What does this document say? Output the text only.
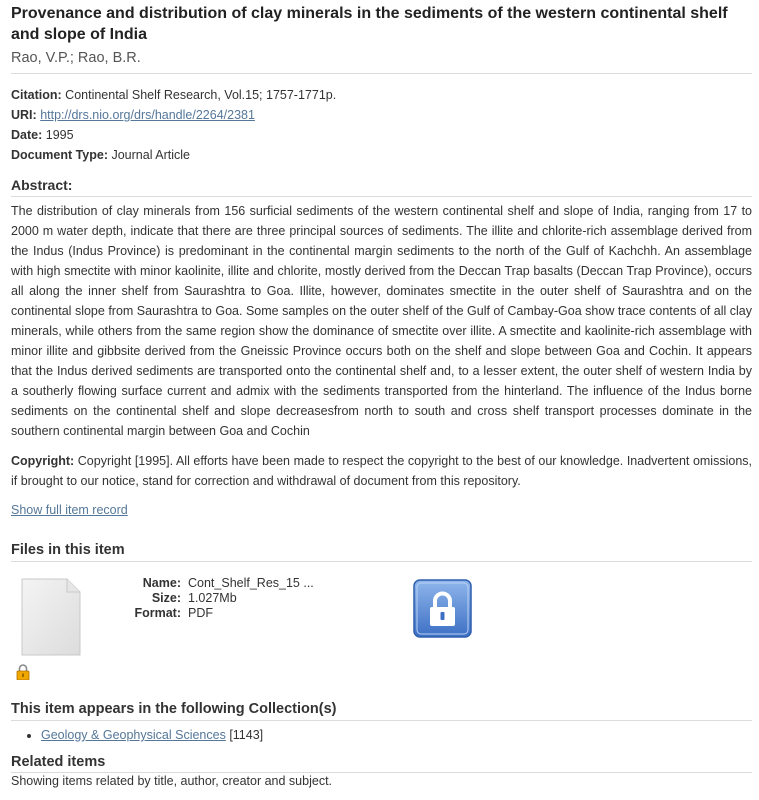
Provenance and distribution of clay minerals in the sediments of the western continental shelf and slope of India
Rao, V.P.; Rao, B.R.
Citation: Continental Shelf Research, Vol.15; 1757-1771p.
URI: http://drs.nio.org/drs/handle/2264/2381
Date: 1995
Document Type: Journal Article
Abstract:

The distribution of clay minerals from 156 surficial sediments of the western continental shelf and slope of India, ranging from 17 to 2000 m water depth, indicate that there are three principal sources of sediments. The illite and chlorite-rich assemblage derived from the Indus (Indus Province) is predominant in the continental margin sediments to the north of the Gulf of Kachchh. An assemblage with high smectite with minor kaolinite, illite and chlorite, mostly derived from the Deccan Trap basalts (Deccan Trap Province), occurs all along the inner shelf from Saurashtra to Goa. Illite, however, dominates smectite in the outer shelf of Saurashtra and on the continental slope from Saurashtra to Goa. Some samples on the outer shelf of the Gulf of Cambay-Goa show trace contents of all clay minerals, while others from the same region show the dominance of smectite over illite. A smectite and kaolinite-rich assemblage with minor illite and gibbsite derived from the Gneissic Province occurs both on the shelf and slope between Goa and Cochin. It appears that the Indus derived sediments are transported onto the continental shelf and, to a lesser extent, the outer shelf of western India by a southerly flowing surface current and admix with the sediments transported from the hinterland. The influence of the Indus borne sediments on the continental shelf and slope decreasesfrom north to south and cross shelf transport processes dominate in the southern continental margin between Goa and Cochin

Copyright: Copyright [1995]. All efforts have been made to respect the copyright to the best of our knowledge. Inadvertent omissions, if brought to our notice, stand for correction and withdrawal of document from this repository.

Show full item record
Files in this item
Name: Cont_Shelf_Res_15 ...
Size: 1.027Mb
Format: PDF
This item appears in the following Collection(s)
• Geology & Geophysical Sciences [1143]
Related items
Showing items related by title, author, creator and subject.
